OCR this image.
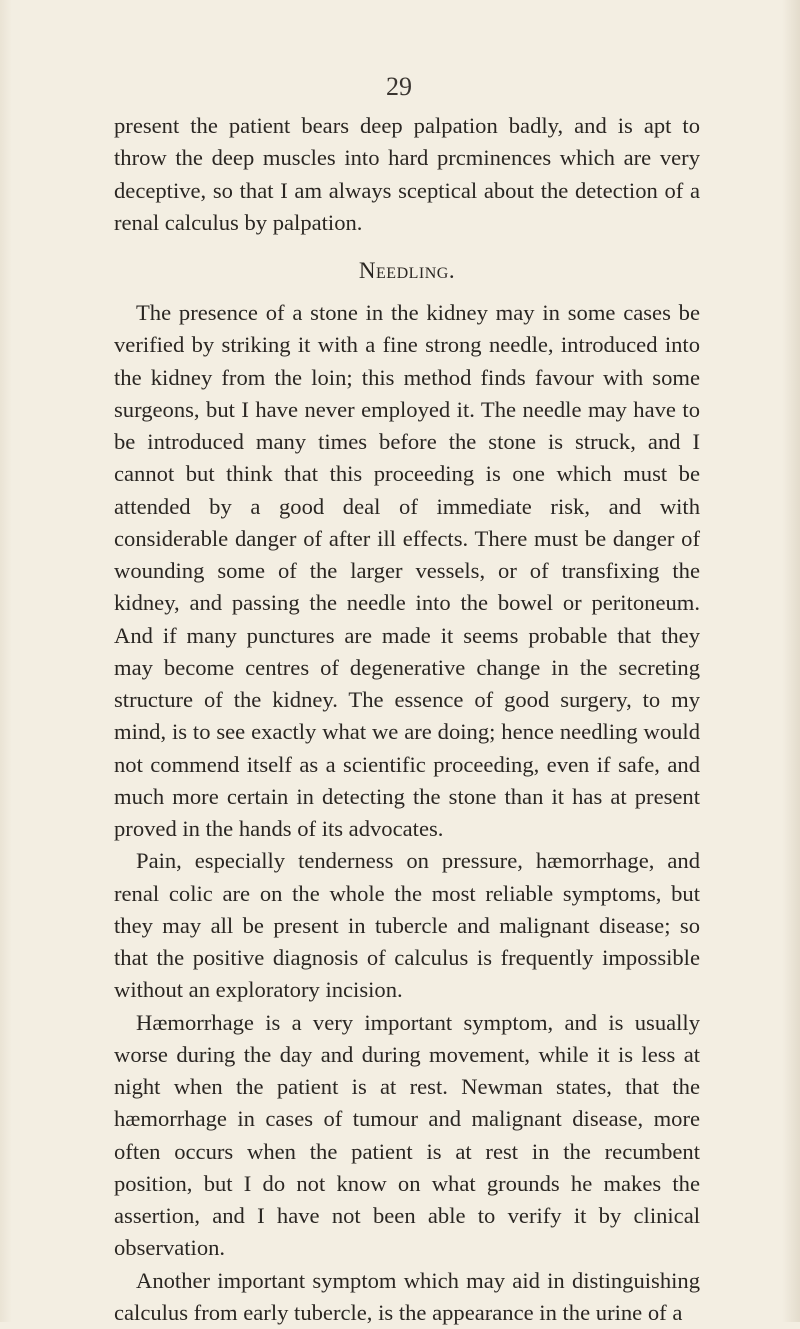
29

present the patient bears deep palpation badly, and is apt to throw the deep muscles into hard prcminences which are very deceptive, so that I am always sceptical about the detection of a renal calculus by palpation.

Needling.

The presence of a stone in the kidney may in some cases be verified by striking it with a fine strong needle, introduced into the kidney from the loin; this method finds favour with some surgeons, but I have never employed it. The needle may have to be introduced many times before the stone is struck, and I cannot but think that this proceeding is one which must be attended by a good deal of immediate risk, and with considerable danger of after ill effects. There must be danger of wounding some of the larger vessels, or of transfixing the kidney, and passing the needle into the bowel or peritoneum. And if many punctures are made it seems probable that they may become centres of degenerative change in the secreting structure of the kidney. The essence of good surgery, to my mind, is to see exactly what we are doing; hence needling would not commend itself as a scientific proceeding, even if safe, and much more certain in detecting the stone than it has at present proved in the hands of its advocates.

Pain, especially tenderness on pressure, hæmorrhage, and renal colic are on the whole the most reliable symptoms, but they may all be present in tubercle and malignant disease; so that the positive diagnosis of calculus is frequently impossible without an exploratory incision.

Hæmorrhage is a very important symptom, and is usually worse during the day and during movement, while it is less at night when the patient is at rest. Newman states, that the hæmorrhage in cases of tumour and malignant disease, more often occurs when the patient is at rest in the recumbent position, but I do not know on what grounds he makes the assertion, and I have not been able to verify it by clinical observation.

Another important symptom which may aid in distinguishing calculus from early tubercle, is the appearance in the urine of a
